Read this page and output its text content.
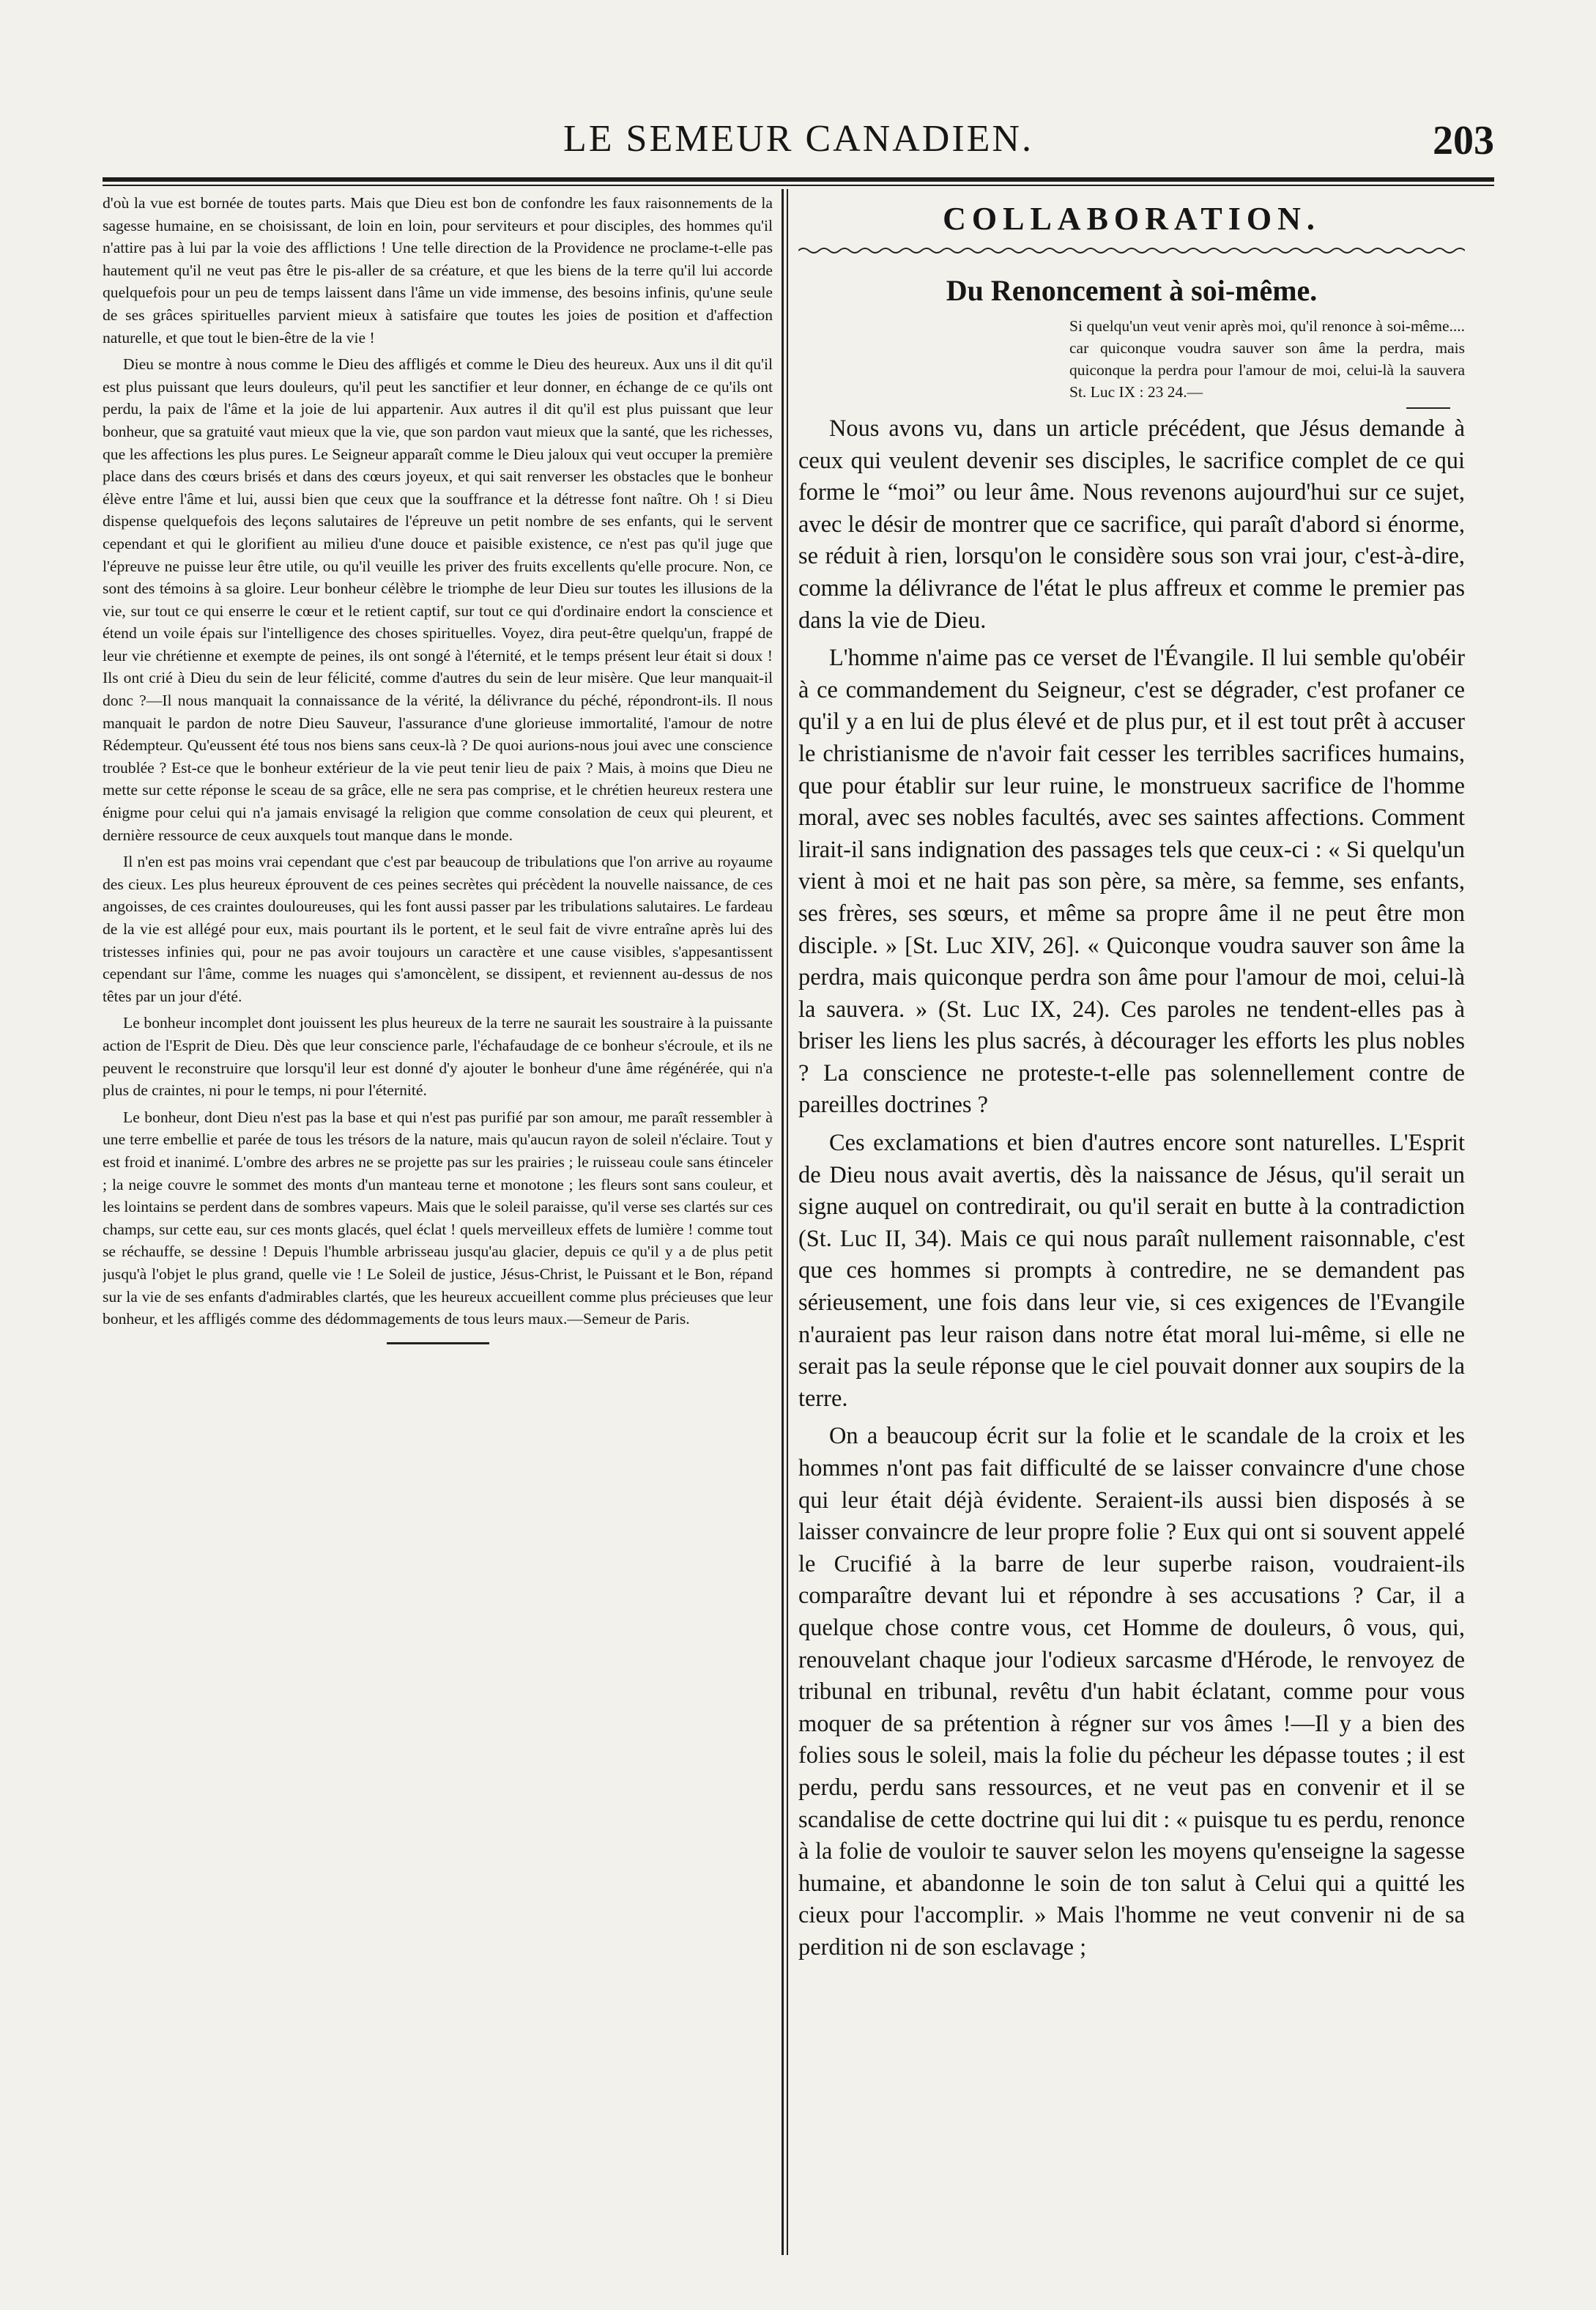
LE SEMEUR CANADIEN.	203

d'où la vue est bornée de toutes parts. Mais que Dieu est bon de confondre les faux raisonnements de la sagesse humaine, en se choisissant, de loin en loin, pour serviteurs et pour disciples, des hommes qu'il n'attire pas à lui par la voie des afflictions ! Une telle direction de la Providence ne proclame-t-elle pas hautement qu'il ne veut pas être le pis-aller de sa créature, et que les biens de la terre qu'il lui accorde quelquefois pour un peu de temps laissent dans l'âme un vide immense, des besoins infinis, qu'une seule de ses grâces spirituelles parvient mieux à satisfaire que toutes les joies de position et d'affection naturelle, et que tout le bien-être de la vie !

Dieu se montre à nous comme le Dieu des affligés et comme le Dieu des heureux. Aux uns il dit qu'il est plus puissant que leurs douleurs, qu'il peut les sanctifier et leur donner, en échange de ce qu'ils ont perdu, la paix de l'âme et la joie de lui appartenir. Aux autres il dit qu'il est plus puissant que leur bonheur, que sa gratuité vaut mieux que la vie, que son pardon vaut mieux que la santé, que les richesses, que les affections les plus pures. Le Seigneur apparaît comme le Dieu jaloux qui veut occuper la première place dans des cœurs brisés et dans des cœurs joyeux, et qui sait renverser les obstacles que le bonheur élève entre l'âme et lui, aussi bien que ceux que la souffrance et la détresse font naître. Oh ! si Dieu dispense quelquefois des leçons salutaires de l'épreuve un petit nombre de ses enfants, qui le servent cependant et qui le glorifient au milieu d'une douce et paisible existence, ce n'est pas qu'il juge que l'épreuve ne puisse leur être utile, ou qu'il veuille les priver des fruits excellents qu'elle procure. Non, ce sont des témoins à sa gloire. Leur bonheur célèbre le triomphe de leur Dieu sur toutes les illusions de la vie, sur tout ce qui enserre le cœur et le retient captif, sur tout ce qui d'ordinaire endort la conscience et étend un voile épais sur l'intelligence des choses spirituelles. Voyez, dira peut-être quelqu'un, frappé de leur vie chrétienne et exempte de peines, ils ont songé à l'éternité, et le temps présent leur était si doux ! Ils ont crié à Dieu du sein de leur félicité, comme d'autres du sein de leur misère. Que leur manquait-il donc ?—Il nous manquait la connaissance de la vérité, la délivrance du péché, répondront-ils. Il nous manquait le pardon de notre Dieu Sauveur, l'assurance d'une glorieuse immortalité, l'amour de notre Rédempteur. Qu'eussent été tous nos biens sans ceux-là ? De quoi aurions-nous joui avec une conscience troublée ? Est-ce que le bonheur extérieur de la vie peut tenir lieu de paix ? Mais, à moins que Dieu ne mette sur cette réponse le sceau de sa grâce, elle ne sera pas comprise, et le chrétien heureux restera une énigme pour celui qui n'a jamais envisagé la religion que comme consolation de ceux qui pleurent, et dernière ressource de ceux auxquels tout manque dans le monde.

Il n'en est pas moins vrai cependant que c'est par beaucoup de tribulations que l'on arrive au royaume des cieux. Les plus heureux éprouvent de ces peines secrètes qui précèdent la nouvelle naissance, de ces angoisses, de ces craintes douloureuses, qui les font aussi passer par les tribulations salutaires. Le fardeau de la vie est allégé pour eux, mais pourtant ils le portent, et le seul fait de vivre entraîne après lui des tristesses infinies qui, pour ne pas avoir toujours un caractère et une cause visibles, s'appesantissent cependant sur l'âme, comme les nuages qui s'amoncèlent, se dissipent, et reviennent au-dessus de nos têtes par un jour d'été.

Le bonheur incomplet dont jouissent les plus heureux de la terre ne saurait les soustraire à la puissante action de l'Esprit de Dieu. Dès que leur conscience parle, l'échafaudage de ce bonheur s'écroule, et ils ne peuvent le reconstruire que lorsqu'il leur est donné d'y ajouter le bonheur d'une âme régénérée, qui n'a plus de craintes, ni pour le temps, ni pour l'éternité.

Le bonheur, dont Dieu n'est pas la base et qui n'est pas purifié par son amour, me paraît ressembler à une terre embellie et parée de tous les trésors de la nature, mais qu'aucun rayon de soleil n'éclaire. Tout y est froid et inanimé. L'ombre des arbres ne se projette pas sur les prairies ; le ruisseau coule sans étinceler ; la neige couvre le sommet des monts d'un manteau terne et monotone ; les fleurs sont sans couleur, et les lointains se perdent dans de sombres vapeurs. Mais que le soleil paraisse, qu'il verse ses clartés sur ces champs, sur cette eau, sur ces monts glacés, quel éclat ! quels merveilleux effets de lumière ! comme tout se réchauffe, se dessine ! Depuis l'humble arbrisseau jusqu'au glacier, depuis ce qu'il y a de plus petit jusqu'à l'objet le plus grand, quelle vie ! Le Soleil de justice, Jésus-Christ, le Puissant et le Bon, répand sur la vie de ses enfants d'admirables clartés, que les heureux accueillent comme plus précieuses que leur bonheur, et les affligés comme des dédommagements de tous leurs maux.—Semeur de Paris.

COLLABORATION.
Du Renoncement à soi-même.
Si quelqu'un veut venir après moi, qu'il renonce à soi-même.... car quiconque voudra sauver son âme la perdra, mais quiconque la perdra pour l'amour de moi, celui-là la sauvera St. Luc IX : 23 24.—

Nous avons vu, dans un article précédent, que Jésus demande à ceux qui veulent devenir ses disciples, le sacrifice complet de ce qui forme le “moi” ou leur âme. Nous revenons aujourd'hui sur ce sujet, avec le désir de montrer que ce sacrifice, qui paraît d'abord si énorme, se réduit à rien, lorsqu'on le considère sous son vrai jour, c'est-à-dire, comme la délivrance de l'état le plus affreux et comme le premier pas dans la vie de Dieu.

L'homme n'aime pas ce verset de l'Évangile. Il lui semble qu'obéir à ce commandement du Seigneur, c'est se dégrader, c'est profaner ce qu'il y a en lui de plus élevé et de plus pur, et il est tout prêt à accuser le christianisme de n'avoir fait cesser les terribles sacrifices humains, que pour établir sur leur ruine, le monstrueux sacrifice de l'homme moral, avec ses nobles facultés, avec ses saintes affections. Comment lirait-il sans indignation des passages tels que ceux-ci : « Si quelqu'un vient à moi et ne hait pas son père, sa mère, sa femme, ses enfants, ses frères, ses sœurs, et même sa propre âme il ne peut être mon disciple. » [St. Luc XIV, 26]. « Quiconque voudra sauver son âme la perdra, mais quiconque perdra son âme pour l'amour de moi, celui-là la sauvera. » (St. Luc IX, 24). Ces paroles ne tendent-elles pas à briser les liens les plus sacrés, à décourager les efforts les plus nobles ? La conscience ne proteste-t-elle pas solennellement contre de pareilles doctrines ?

Ces exclamations et bien d'autres encore sont naturelles. L'Esprit de Dieu nous avait avertis, dès la naissance de Jésus, qu'il serait un signe auquel on contredirait, ou qu'il serait en butte à la contradiction (St. Luc II, 34). Mais ce qui nous paraît nullement raisonnable, c'est que ces hommes si prompts à contredire, ne se demandent pas sérieusement, une fois dans leur vie, si ces exigences de l'Evangile n'auraient pas leur raison dans notre état moral lui-même, si elle ne serait pas la seule réponse que le ciel pouvait donner aux soupirs de la terre.

On a beaucoup écrit sur la folie et le scandale de la croix et les hommes n'ont pas fait difficulté de se laisser convaincre d'une chose qui leur était déjà évidente. Seraient-ils aussi bien disposés à se laisser convaincre de leur propre folie ? Eux qui ont si souvent appelé le Crucifié à la barre de leur superbe raison, voudraient-ils comparaître devant lui et répondre à ses accusations ? Car, il a quelque chose contre vous, cet Homme de douleurs, ô vous, qui, renouvelant chaque jour l'odieux sarcasme d'Hérode, le renvoyez de tribunal en tribunal, revêtu d'un habit éclatant, comme pour vous moquer de sa prétention à régner sur vos âmes !—Il y a bien des folies sous le soleil, mais la folie du pécheur les dépasse toutes ; il est perdu, perdu sans ressources, et ne veut pas en convenir et il se scandalise de cette doctrine qui lui dit : « puisque tu es perdu, renonce à la folie de vouloir te sauver selon les moyens qu'enseigne la sagesse humaine, et abandonne le soin de ton salut à Celui qui a quitté les cieux pour l'accomplir. » Mais l'homme ne veut convenir ni de sa perdition ni de son esclavage ;
